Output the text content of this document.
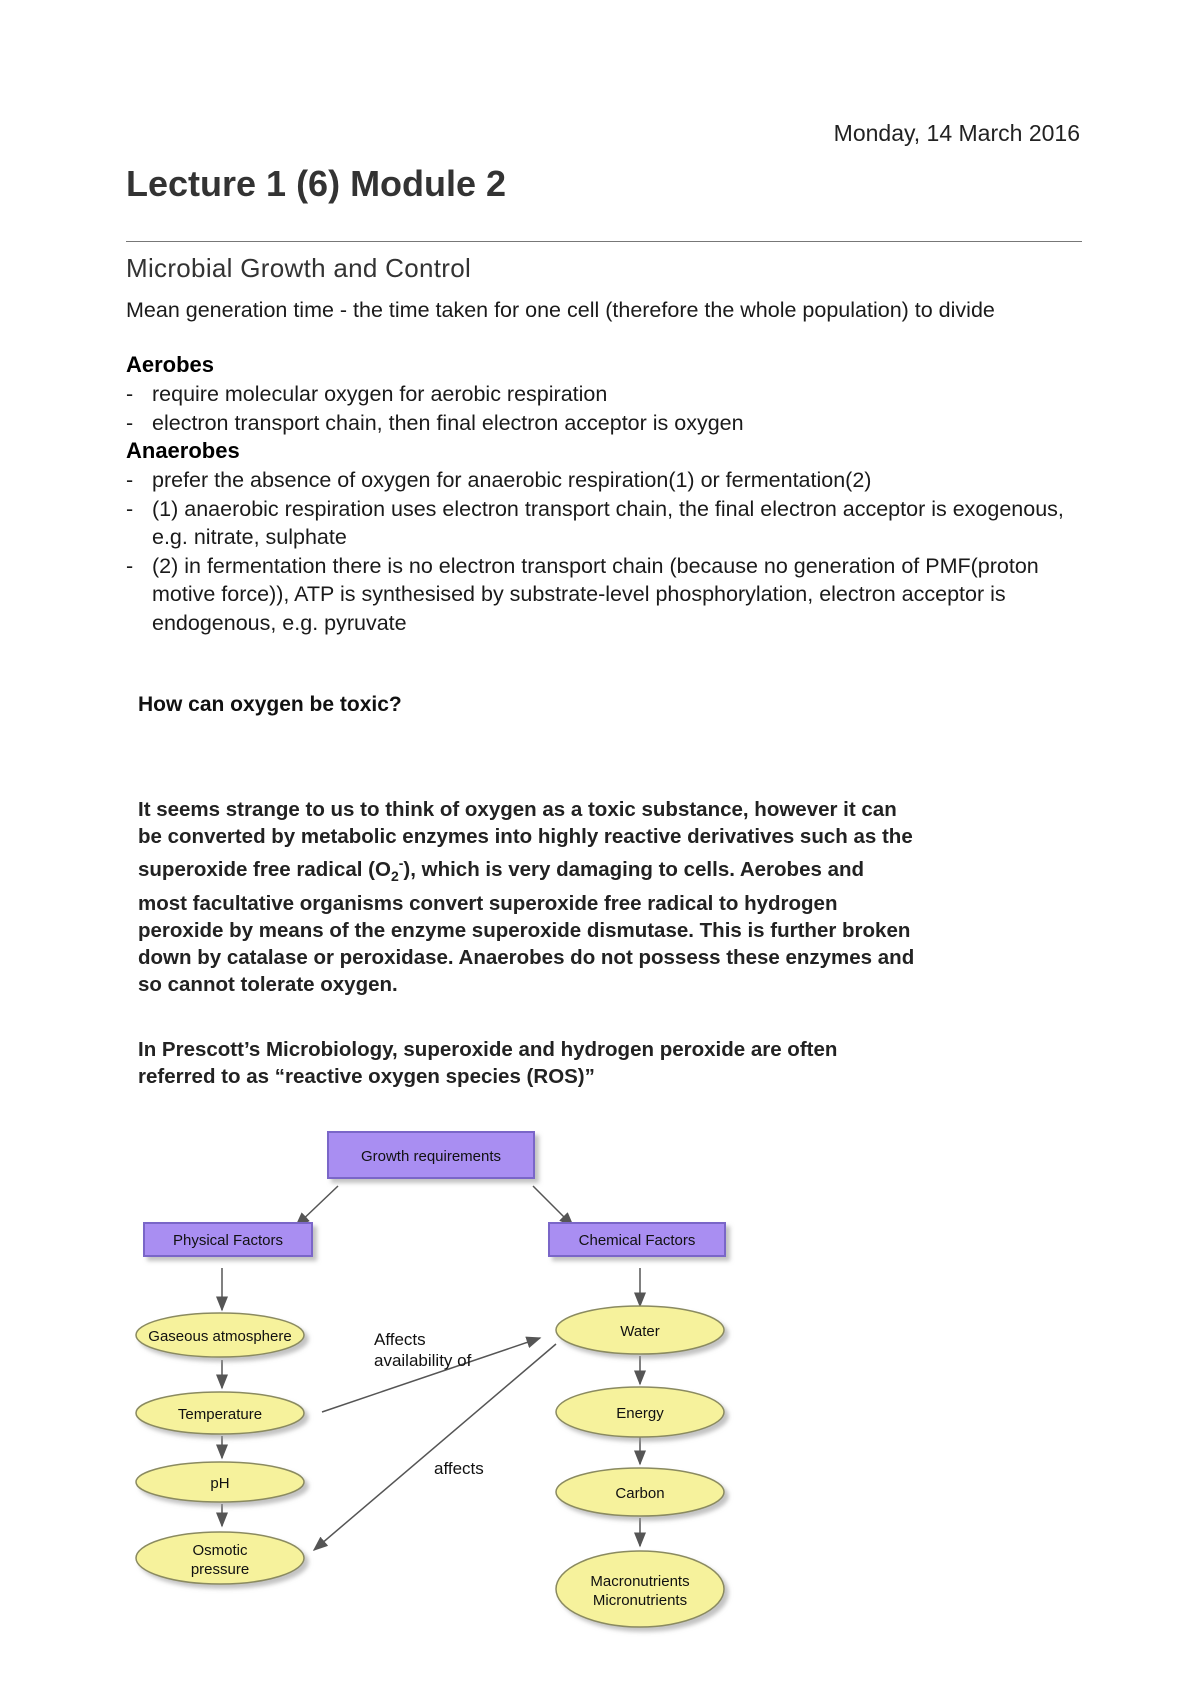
Monday, 14 March 2016
Lecture 1 (6) Module 2
Microbial Growth and Control
Mean generation time - the time taken for one cell (therefore the whole population) to divide
Aerobes
- require molecular oxygen for aerobic respiration
- electron transport chain, then final electron acceptor is oxygen
Anaerobes
- prefer the absence of oxygen for anaerobic respiration(1) or fermentation(2)
- (1) anaerobic respiration uses electron transport chain, the final electron acceptor is exogenous, e.g. nitrate, sulphate
- (2) in fermentation there is no electron transport chain (because no generation of PMF(proton motive force)), ATP is synthesised by substrate-level phosphorylation, electron acceptor is endogenous, e.g. pyruvate
How can oxygen be toxic?
It seems strange to us to think of oxygen as a toxic substance, however it can be converted by metabolic enzymes into highly reactive derivatives such as the superoxide free radical $(O_2^-)$, which is very damaging to cells. Aerobes and most facultative organisms convert superoxide free radical to hydrogen peroxide by means of the enzyme superoxide dismutase. This is further broken down by catalase or peroxidase. Anaerobes do not possess these enzymes and so cannot tolerate oxygen.
In Prescott’s Microbiology, superoxide and hydrogen peroxide are often referred to as “reactive oxygen species (ROS)”
Growth requirements
Physical Factors	Chemical Factors
Gaseous atmosphere
Temperature
pH
Osmotic pressure
Water
Energy
Carbon
Macronutrients Micronutrients
Affects availability of
affects
